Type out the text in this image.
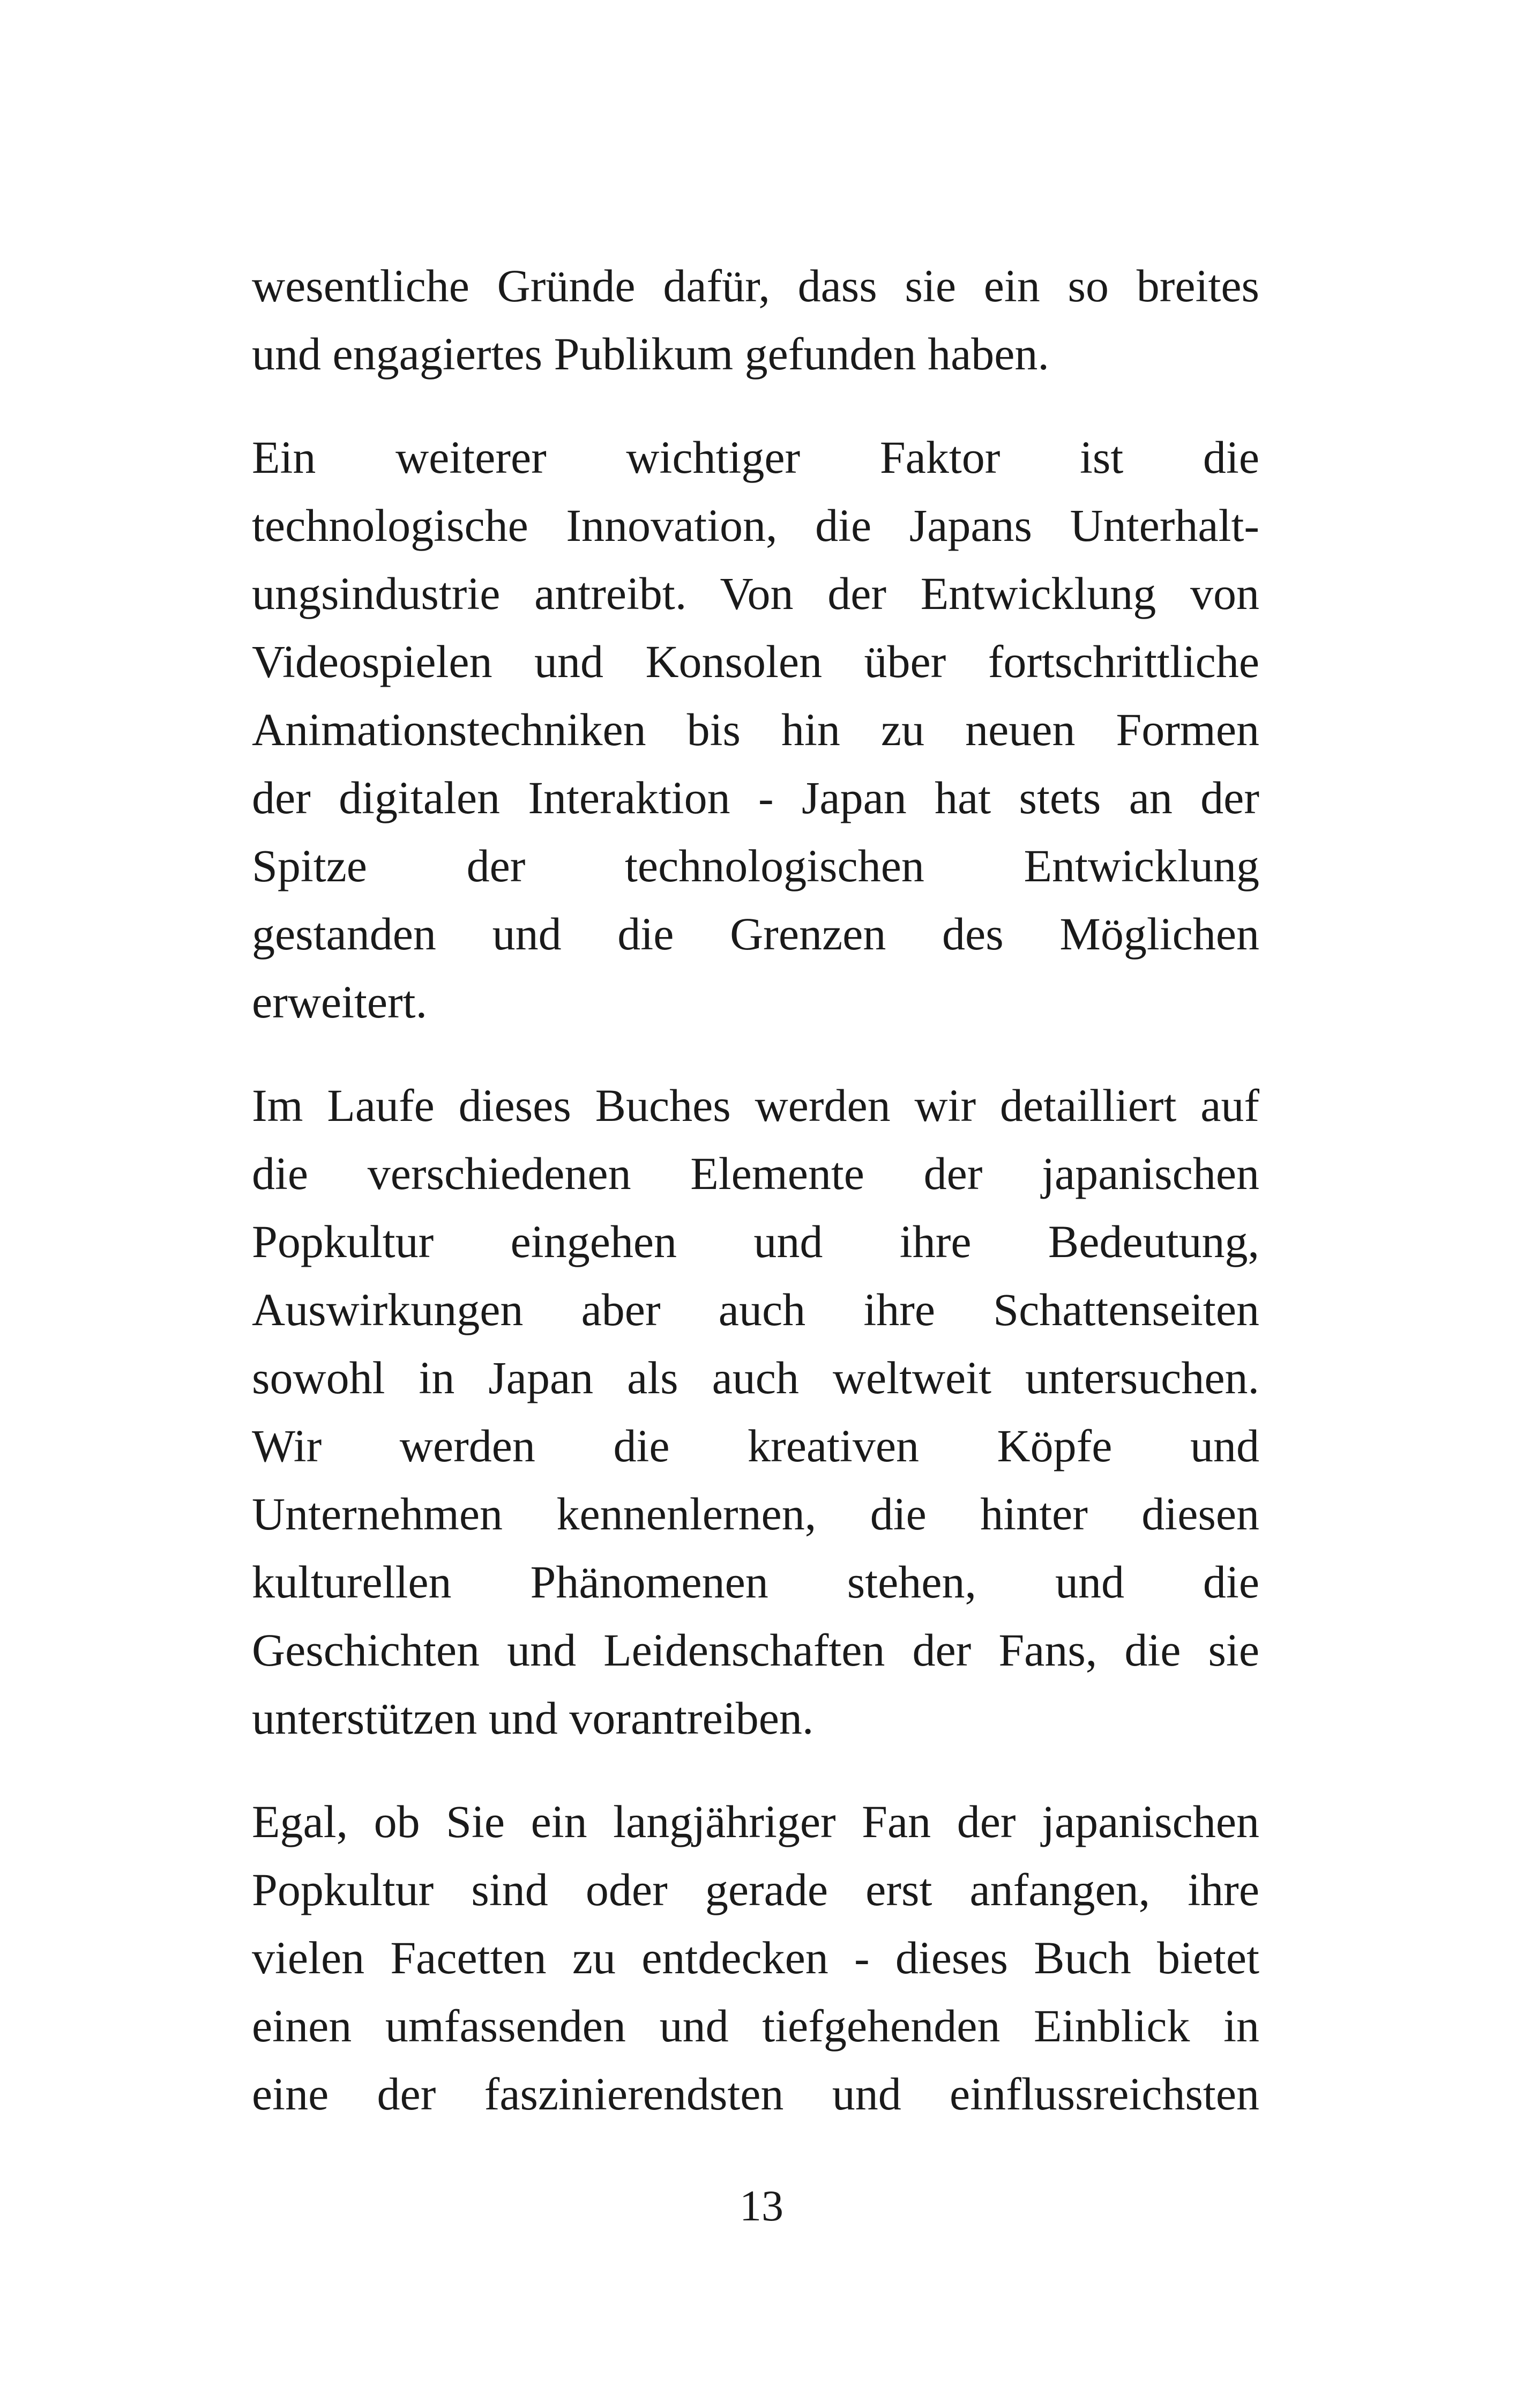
wesentliche Gründe dafür, dass sie ein so breites
und engagiertes Publikum gefunden haben.
Ein weiterer wichtiger Faktor ist die
technologische Innovation, die Japans Unterhalt-
ungsindustrie antreibt. Von der Entwicklung von
Videospielen und Konsolen über fortschrittliche
Animationstechniken bis hin zu neuen Formen
der digitalen Interaktion - Japan hat stets an der
Spitze der technologischen Entwicklung
gestanden und die Grenzen des Möglichen
erweitert.
Im Laufe dieses Buches werden wir detailliert auf
die verschiedenen Elemente der japanischen
Popkultur eingehen und ihre Bedeutung,
Auswirkungen aber auch ihre Schattenseiten
sowohl in Japan als auch weltweit untersuchen.
Wir werden die kreativen Köpfe und
Unternehmen kennenlernen, die hinter diesen
kulturellen Phänomenen stehen, und die
Geschichten und Leidenschaften der Fans, die sie
unterstützen und vorantreiben.
Egal, ob Sie ein langjähriger Fan der japanischen
Popkultur sind oder gerade erst anfangen, ihre
vielen Facetten zu entdecken - dieses Buch bietet
einen umfassenden und tiefgehenden Einblick in
eine der faszinierendsten und einflussreichsten
13
